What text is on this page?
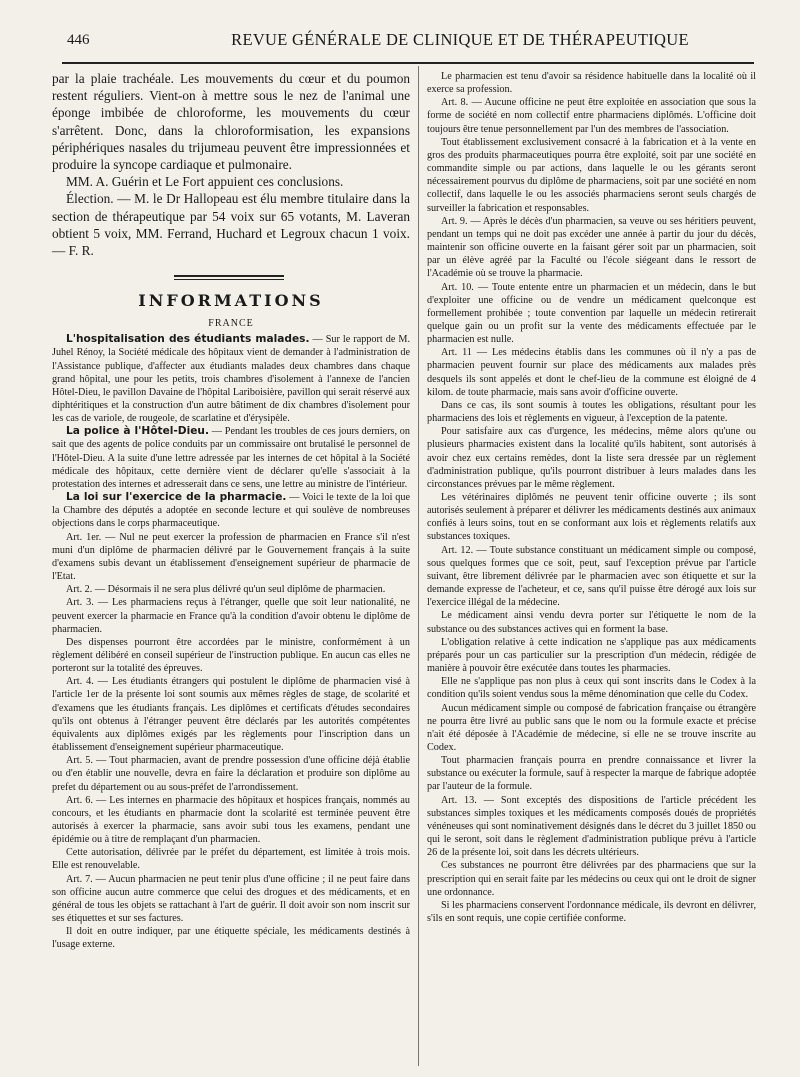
446	REVUE GÉNÉRALE DE CLINIQUE ET DE THÉRAPEUTIQUE

par la plaie trachéale. Les mouvements du cœur et du poumon restent réguliers. Vient-on à mettre sous le nez de l'animal une éponge imbibée de chloroforme, les mouvements du cœur s'arrêtent. Donc, dans la chloroformisation, les expansions périphériques nasales du trijumeau peuvent être impressionnées et produire la syncope cardiaque et pulmonaire.

MM. A. Guérin et Le Fort appuient ces conclusions.

Élection. — M. le Dr Hallopeau est élu membre titulaire dans la section de thérapeutique par 54 voix sur 65 votants, M. Laveran obtient 5 voix, MM. Ferrand, Huchard et Legroux chacun 1 voix. — F. R.

INFORMATIONS
FRANCE

L'hospitalisation des étudiants malades. — Sur le rapport de M. Juhel Rénoy, la Société médicale des hôpitaux vient de demander à l'administration de l'Assistance publique, d'affecter aux étudiants malades deux chambres dans chaque grand hôpital, une pour les petits, trois chambres d'isolement à l'annexe de l'ancien Hôtel-Dieu, le pavillon Davaine de l'hôpital Lariboisière, pavillon qui serait réservé aux diphtéritiques et la construction d'un autre bâtiment de dix chambres d'isolement pour les cas de variole, de rougeole, de scarlatine et d'érysipèle.

La police à l'Hôtel-Dieu. — Pendant les troubles de ces jours derniers, on sait que des agents de police conduits par un commissaire ont brutalisé le personnel de l'Hôtel-Dieu. A la suite d'une lettre adressée par les internes de cet hôpital à la Société médicale des hôpitaux, cette dernière vient de déclarer qu'elle s'associait à la protestation des internes et adresserait dans ce sens, une lettre au ministre de l'intérieur.

La loi sur l'exercice de la pharmacie. — Voici le texte de la loi que la Chambre des députés a adoptée en seconde lecture et qui soulève de nombreuses objections dans le corps pharmaceutique.

Art. 1er. — Nul ne peut exercer la profession de pharmacien en France s'il n'est muni d'un diplôme de pharmacien délivré par le Gouvernement français à la suite d'examens subis devant un établissement d'enseignement supérieur de pharmacie de l'Etat.

Art. 2. — Désormais il ne sera plus délivré qu'un seul diplôme de pharmacien.

Art. 3. — Les pharmaciens reçus à l'étranger, quelle que soit leur nationalité, ne peuvent exercer la pharmacie en France qu'à la condition d'avoir obtenu le diplôme de pharmacien.

Des dispenses pourront être accordées par le ministre, conformément à un règlement délibéré en conseil supérieur de l'instruction publique. En aucun cas elles ne porteront sur la totalité des épreuves.

Art. 4. — Les étudiants étrangers qui postulent le diplôme de pharmacien visé à l'article 1er de la présente loi sont soumis aux mêmes règles de stage, de scolarité et d'examens que les étudiants français. Les diplômes et certificats d'études secondaires qu'ils ont obtenus à l'étranger peuvent être déclarés par les autorités compétentes équivalents aux diplômes exigés par les règlements pour l'inscription dans un établissement d'enseignement supérieur pharmaceutique.

Art. 5. — Tout pharmacien, avant de prendre possession d'une officine déjà établie ou d'en établir une nouvelle, devra en faire la déclaration et produire son diplôme au prefet du département ou au sous-préfet de l'arrondissement.

Art. 6. — Les internes en pharmacie des hôpitaux et hospices français, nommés au concours, et les étudiants en pharmacie dont la scolarité est terminée peuvent être autorisés à exercer la pharmacie, sans avoir subi tous les examens, pendant une épidémie ou à titre de remplaçant d'un pharmacien.

Cette autorisation, délivrée par le préfet du département, est limitée à trois mois. Elle est renouvelable.

Art. 7. — Aucun pharmacien ne peut tenir plus d'une officine ; il ne peut faire dans son officine aucun autre commerce que celui des drogues et des médicaments, et en général de tous les objets se rattachant à l'art de guérir. Il doit avoir son nom inscrit sur ses étiquettes et sur ses factures.

Il doit en outre indiquer, par une étiquette spéciale, les médicaments destinés à l'usage externe.

Le pharmacien est tenu d'avoir sa résidence habituelle dans la localité où il exerce sa profession.

Art. 8. — Aucune officine ne peut être exploitée en association que sous la forme de société en nom collectif entre pharmaciens diplômés. L'officine doit toujours être tenue personnellement par l'un des membres de l'association.

Tout établissement exclusivement consacré à la fabrication et à la vente en gros des produits pharmaceutiques pourra être exploité, soit par une société en commandite simple ou par actions, dans laquelle le ou les gérants seront nécessairement pourvus du diplôme de pharmaciens, soit par une société en nom collectif, dans laquelle le ou les associés pharmaciens seront seuls chargés de surveiller la fabrication et responsables.

Art. 9. — Après le décès d'un pharmacien, sa veuve ou ses héritiers peuvent, pendant un temps qui ne doit pas excéder une année à partir du jour du décès, maintenir son officine ouverte en la faisant gérer soit par un pharmacien, soit par un élève agréé par la Faculté ou l'école siégeant dans le ressort de l'Académie où se trouve la pharmacie.

Art. 10. — Toute entente entre un pharmacien et un médecin, dans le but d'exploiter une officine ou de vendre un médicament quelconque est formellement prohibée ; toute convention par laquelle un médecin retirerait quelque gain ou un profit sur la vente des médicaments effectuée par le pharmacien est nulle.

Art. 11 — Les médecins établis dans les communes où il n'y a pas de pharmacien peuvent fournir sur place des médicaments aux malades près desquels ils sont appelés et dont le chef-lieu de la commune est éloigné de 4 kilom. de toute pharmacie, mais sans avoir d'officine ouverte.

Dans ce cas, ils sont soumis à toutes les obligations, résultant pour les pharmaciens des lois et règlements en vigueur, à l'exception de la patente.

Pour satisfaire aux cas d'urgence, les médecins, même alors qu'une ou plusieurs pharmacies existent dans la localité qu'ils habitent, sont autorisés à avoir chez eux certains remèdes, dont la liste sera dressée par un règlement d'administration publique, qu'ils pourront distribuer à leurs malades dans les circonstances prévues par le même règlement.

Les vétérinaires diplômés ne peuvent tenir officine ouverte ; ils sont autorisés seulement à préparer et délivrer les médicaments destinés aux animaux confiés à leurs soins, tout en se conformant aux lois et règlements relatifs aux substances toxiques.

Art. 12. — Toute substance constituant un médicament simple ou composé, sous quelques formes que ce soit, peut, sauf l'exception prévue par l'article suivant, être librement délivrée par le pharmacien avec son étiquette et sur la demande expresse de l'acheteur, et ce, sans qu'il puisse être dérogé aux lois sur l'exercice illégal de la médecine.

Le médicament ainsi vendu devra porter sur l'étiquette le nom de la substance ou des substances actives qui en forment la base.

L'obligation relative à cette indication ne s'applique pas aux médicaments préparés pour un cas particulier sur la prescription d'un médecin, rédigée de manière à pouvoir être exécutée dans toutes les pharmacies.

Elle ne s'applique pas non plus à ceux qui sont inscrits dans le Codex à la condition qu'ils soient vendus sous la même dénomination que celle du Codex.

Aucun médicament simple ou composé de fabrication française ou étrangère ne pourra être livré au public sans que le nom ou la formule exacte et précise n'ait été déposée à l'Académie de médecine, si elle ne se trouve inscrite au Codex.

Tout pharmacien français pourra en prendre connaissance et livrer la substance ou exécuter la formule, sauf à respecter la marque de fabrique adoptée par l'auteur de la formule.

Art. 13. — Sont exceptés des dispositions de l'article précédent les substances simples toxiques et les médicaments composés doués de propriétés vénéneuses qui sont nominativement désignés dans le décret du 3 juillet 1850 ou qui le seront, soit dans le règlement d'administration publique prévu à l'article 26 de la présente loi, soit dans les décrets ultérieurs.

Ces substances ne pourront être délivrées par des pharmaciens que sur la prescription qui en serait faite par les médecins ou ceux qui ont le droit de signer une ordonnance.

Si les pharmaciens conservent l'ordonnance médicale, ils devront en délivrer, s'ils en sont requis, une copie certifiée conforme.
